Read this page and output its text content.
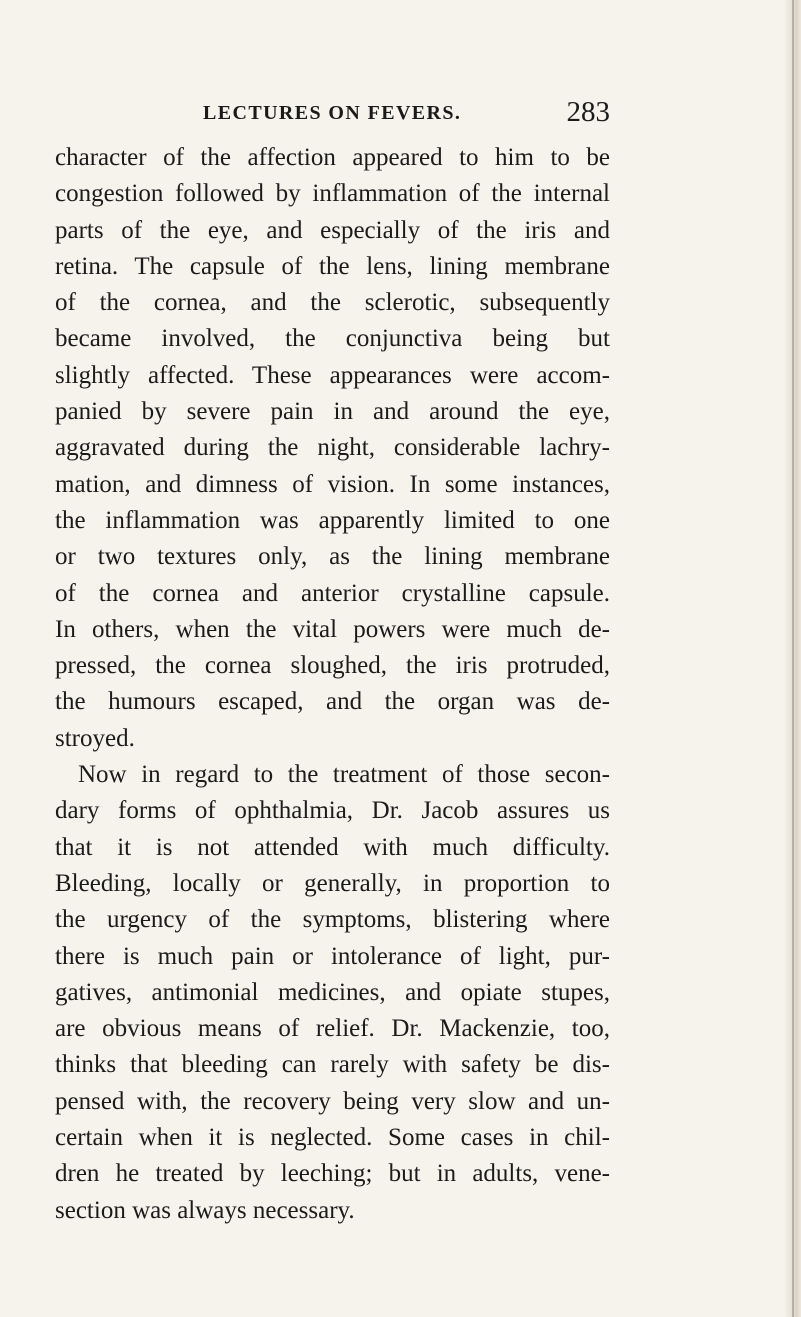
LECTURES ON FEVERS.	283
character of the affection appeared to him to be
congestion followed by inflammation of the internal
parts of the eye, and especially of the iris and
retina. The capsule of the lens, lining membrane
of the cornea, and the sclerotic, subsequently
became involved, the conjunctiva being but
slightly affected. These appearances were accom-
panied by severe pain in and around the eye,
aggravated during the night, considerable lachry-
mation, and dimness of vision. In some instances,
the inflammation was apparently limited to one
or two textures only, as the lining membrane
of the cornea and anterior crystalline capsule.
In others, when the vital powers were much de-
pressed, the cornea sloughed, the iris protruded,
the humours escaped, and the organ was de-
stroyed.
Now in regard to the treatment of those secon-
dary forms of ophthalmia, Dr. Jacob assures us
that it is not attended with much difficulty.
Bleeding, locally or generally, in proportion to
the urgency of the symptoms, blistering where
there is much pain or intolerance of light, pur-
gatives, antimonial medicines, and opiate stupes,
are obvious means of relief. Dr. Mackenzie, too,
thinks that bleeding can rarely with safety be dis-
pensed with, the recovery being very slow and un-
certain when it is neglected. Some cases in chil-
dren he treated by leeching; but in adults, vene-
section was always necessary.
